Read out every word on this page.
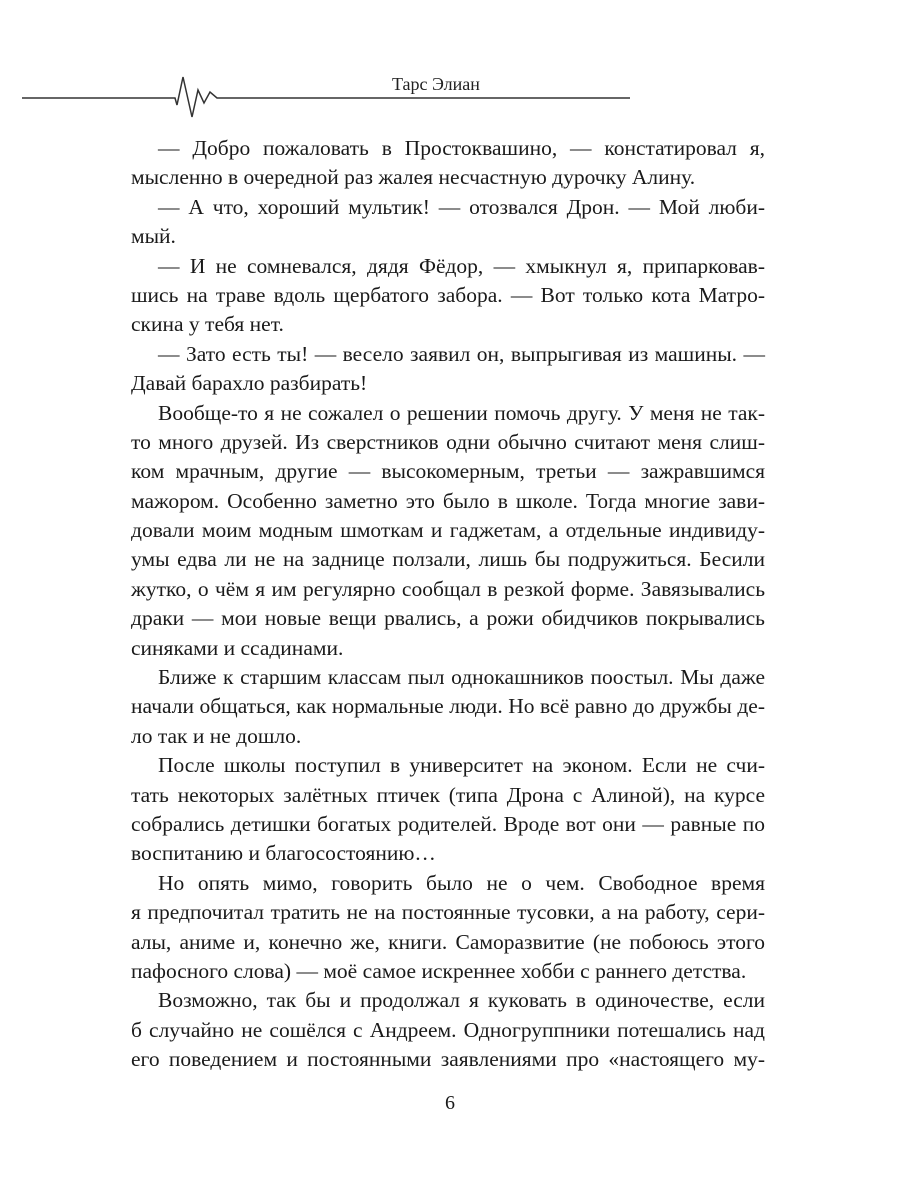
Тарс Элиан
— Добро пожаловать в Простоквашино, — констатировал я,
мысленно в очередной раз жалея несчастную дурочку Алину.
— А что, хороший мультик! — отозвался Дрон. — Мой люби-
мый.
— И не сомневался, дядя Фёдор, — хмыкнул я, припарковав-
шись на траве вдоль щербатого забора. — Вот только кота Матро-
скина у тебя нет.
— Зато есть ты! — весело заявил он, выпрыгивая из машины. —
Давай барахло разбирать!
Вообще-то я не сожалел о решении помочь другу. У меня не так-
то много друзей. Из сверстников одни обычно считают меня слиш-
ком мрачным, другие — высокомерным, третьи — зажравшимся
мажором. Особенно заметно это было в школе. Тогда многие зави-
довали моим модным шмоткам и гаджетам, а отдельные индивиду-
умы едва ли не на заднице ползали, лишь бы подружиться. Бесили
жутко, о чём я им регулярно сообщал в резкой форме. Завязывались
драки — мои новые вещи рвались, а рожи обидчиков покрывались
синяками и ссадинами.
Ближе к старшим классам пыл однокашников поостыл. Мы даже
начали общаться, как нормальные люди. Но всё равно до дружбы де-
ло так и не дошло.
После школы поступил в университет на эконом. Если не счи-
тать некоторых залётных птичек (типа Дрона с Алиной), на курсе
собрались детишки богатых родителей. Вроде вот они — равные по
воспитанию и благосостоянию…
Но опять мимо, говорить было не о чем. Свободное время
я предпочитал тратить не на постоянные тусовки, а на работу, сери-
алы, аниме и, конечно же, книги. Саморазвитие (не побоюсь этого
пафосного слова) — моё самое искреннее хобби с раннего детства.
Возможно, так бы и продолжал я куковать в одиночестве, если
б случайно не сошёлся с Андреем. Одногруппники потешались над
его поведением и постоянными заявлениями про «настоящего му-
6
